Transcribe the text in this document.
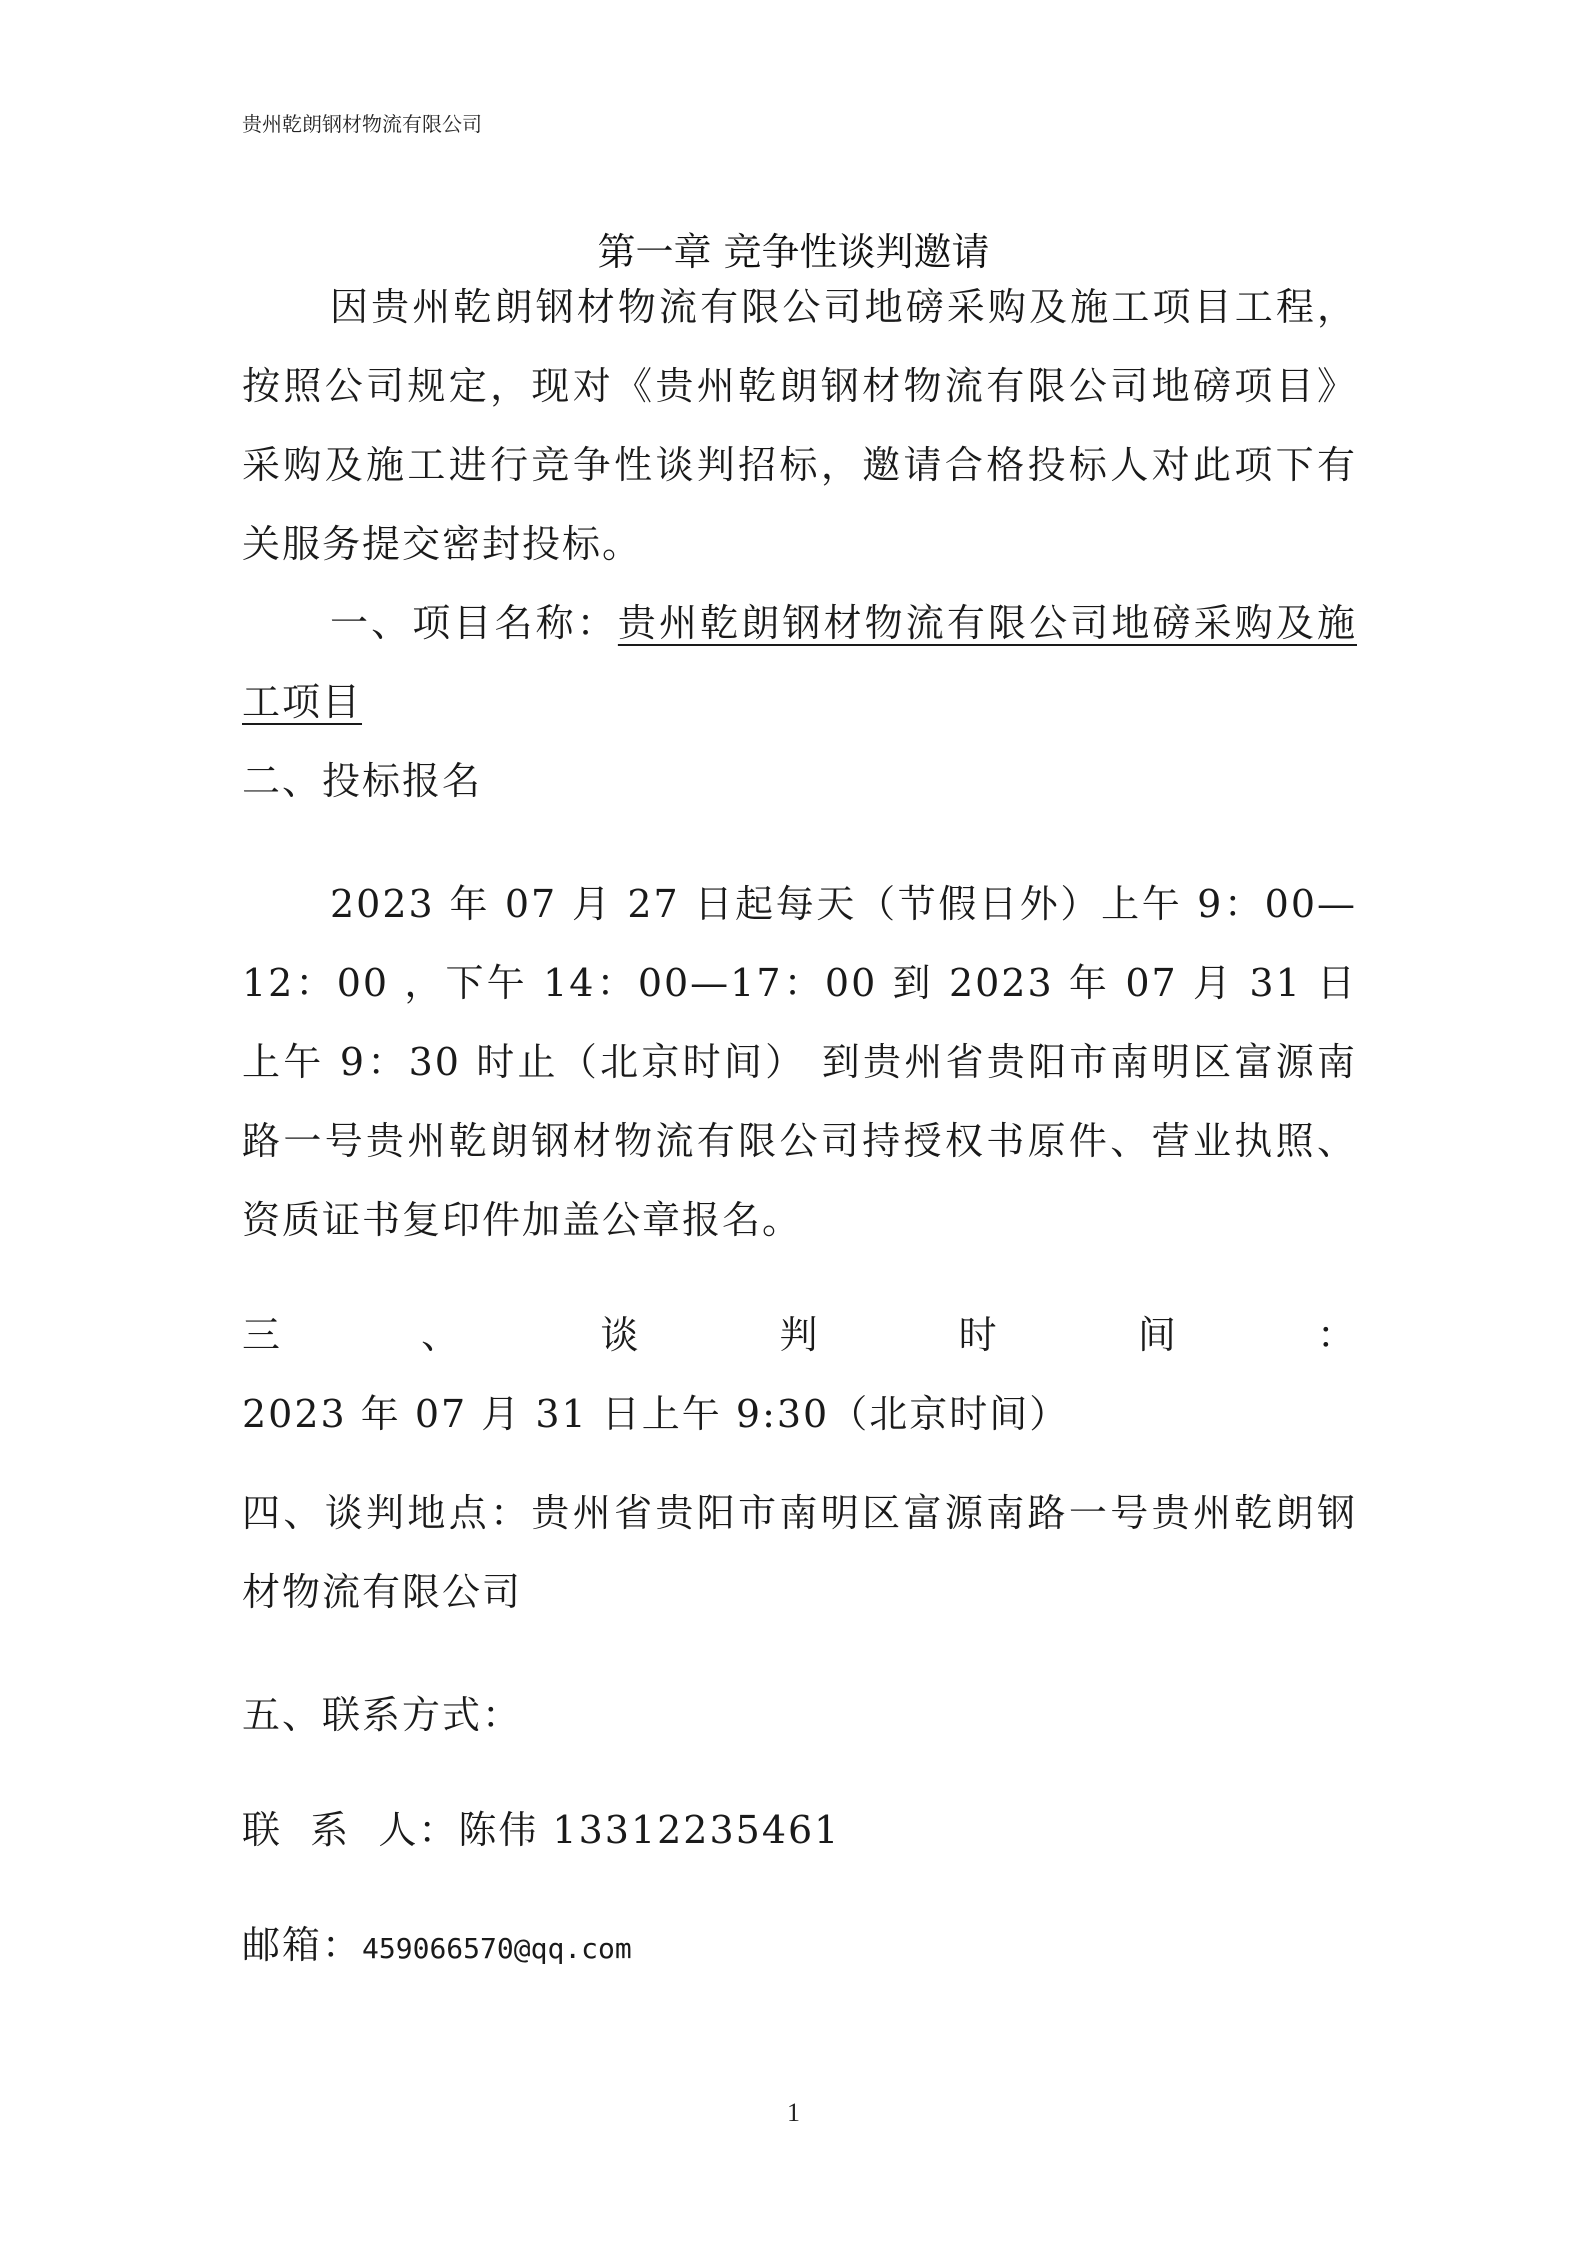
贵州乾朗钢材物流有限公司
第一章 竞争性谈判邀请

因贵州乾朗钢材物流有限公司地磅采购及施工项目工程，按照公司规定，现对《贵州乾朗钢材物流有限公司地磅项目》采购及施工进行竞争性谈判招标，邀请合格投标人对此项下有关服务提交密封投标。

一、项目名称：贵州乾朗钢材物流有限公司地磅采购及施工项目

二、投标报名

2023 年 07 月 27 日起每天（节假日外）上午 9：00—12：00 ，下午 14：00—17：00 到 2023 年 07 月 31 日上午 9：30 时止（北京时间） 到贵州省贵阳市南明区富源南路一号贵州乾朗钢材物流有限公司持授权书原件、营业执照、资质证书复印件加盖公章报名。

三、谈判时间： 2023 年 07 月 31 日上午 9:30（北京时间）

四、谈判地点：贵州省贵阳市南明区富源南路一号贵州乾朗钢材物流有限公司

五、联系方式：

联  系  人：陈伟 13312235461

邮箱：459066570@qq.com

1
